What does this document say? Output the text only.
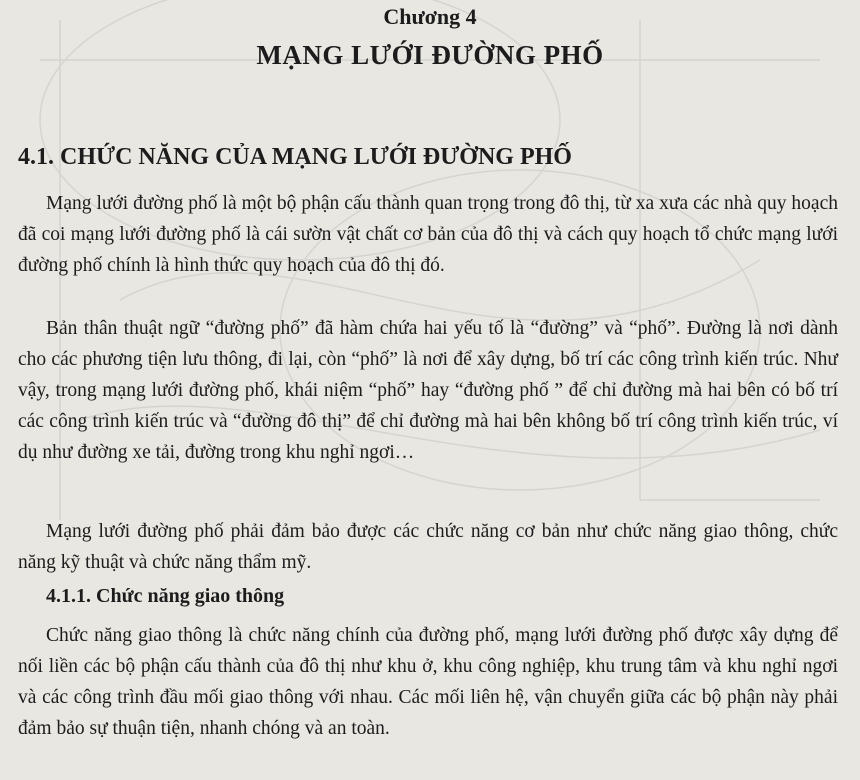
Chương 4
MẠNG LƯỚI ĐƯỜNG PHỐ
4.1. CHỨC NĂNG CỦA MẠNG LƯỚI ĐƯỜNG PHỐ

Mạng lưới đường phố là một bộ phận cấu thành quan trọng trong đô thị, từ xa xưa các nhà quy hoạch đã coi mạng lưới đường phố là cái sườn vật chất cơ bản của đô thị và cách quy hoạch tổ chức mạng lưới đường phố chính là hình thức quy hoạch của đô thị đó.

Bản thân thuật ngữ “đường phố” đã hàm chứa hai yếu tố là “đường” và “phố”. Đường là nơi dành cho các phương tiện lưu thông, đi lại, còn “phố” là nơi để xây dựng, bố trí các công trình kiến trúc. Như vậy, trong mạng lưới đường phố, khái niệm “phố” hay “đường phố ” để chỉ đường mà hai bên có bố trí các công trình kiến trúc và “đường đô thị” để chỉ đường mà hai bên không bố trí công trình kiến trúc, ví dụ như đường xe tải, đường trong khu nghỉ ngơi…

Mạng lưới đường phố phải đảm bảo được các chức năng cơ bản như chức năng giao thông, chức năng kỹ thuật và chức năng thẩm mỹ.

4.1.1. Chức năng giao thông

Chức năng giao thông là chức năng chính của đường phố, mạng lưới đường phố được xây dựng để nối liền các bộ phận cấu thành của đô thị như khu ở, khu công nghiệp, khu trung tâm và khu nghỉ ngơi và các công trình đầu mối giao thông với nhau. Các mối liên hệ, vận chuyển giữa các bộ phận này phải đảm bảo sự thuận tiện, nhanh chóng và an toàn.
